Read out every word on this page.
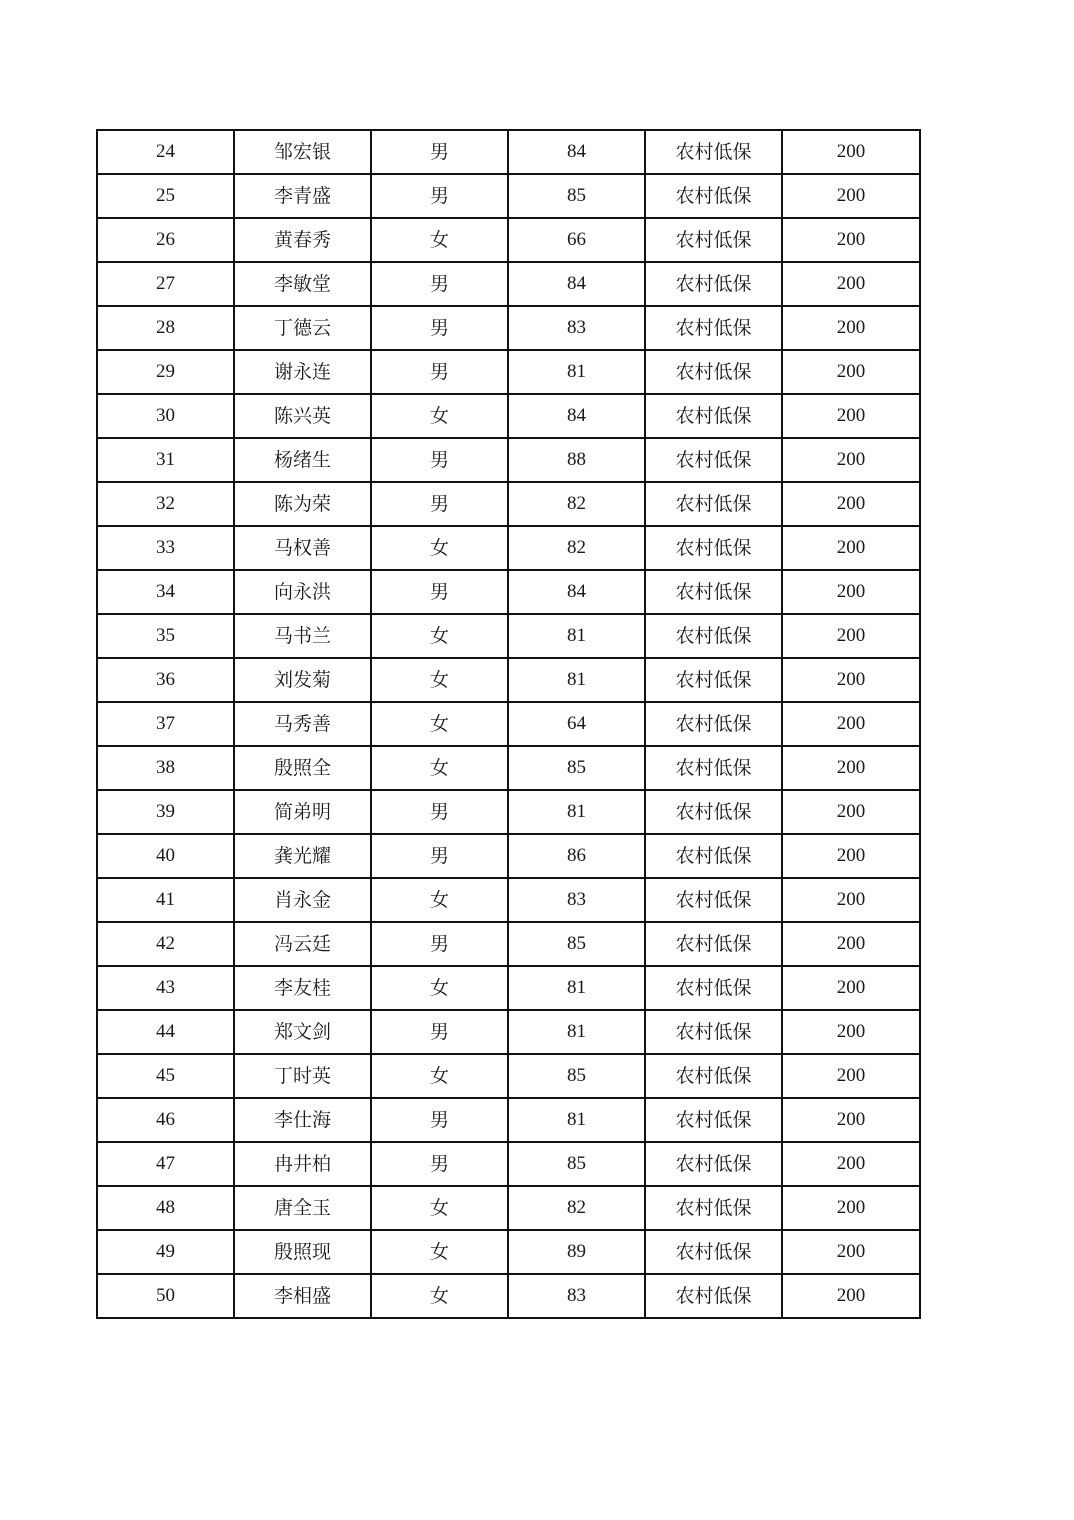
24	邹宏银	男	84	农村低保	200
25	李青盛	男	85	农村低保	200
26	黄春秀	女	66	农村低保	200
27	李敏堂	男	84	农村低保	200
28	丁德云	男	83	农村低保	200
29	谢永连	男	81	农村低保	200
30	陈兴英	女	84	农村低保	200
31	杨绪生	男	88	农村低保	200
32	陈为荣	男	82	农村低保	200
33	马权善	女	82	农村低保	200
34	向永洪	男	84	农村低保	200
35	马书兰	女	81	农村低保	200
36	刘发菊	女	81	农村低保	200
37	马秀善	女	64	农村低保	200
38	殷照全	女	85	农村低保	200
39	简弟明	男	81	农村低保	200
40	龚光耀	男	86	农村低保	200
41	肖永金	女	83	农村低保	200
42	冯云廷	男	85	农村低保	200
43	李友桂	女	81	农村低保	200
44	郑文剑	男	81	农村低保	200
45	丁时英	女	85	农村低保	200
46	李仕海	男	81	农村低保	200
47	冉井柏	男	85	农村低保	200
48	唐全玉	女	82	农村低保	200
49	殷照现	女	89	农村低保	200
50	李相盛	女	83	农村低保	200
